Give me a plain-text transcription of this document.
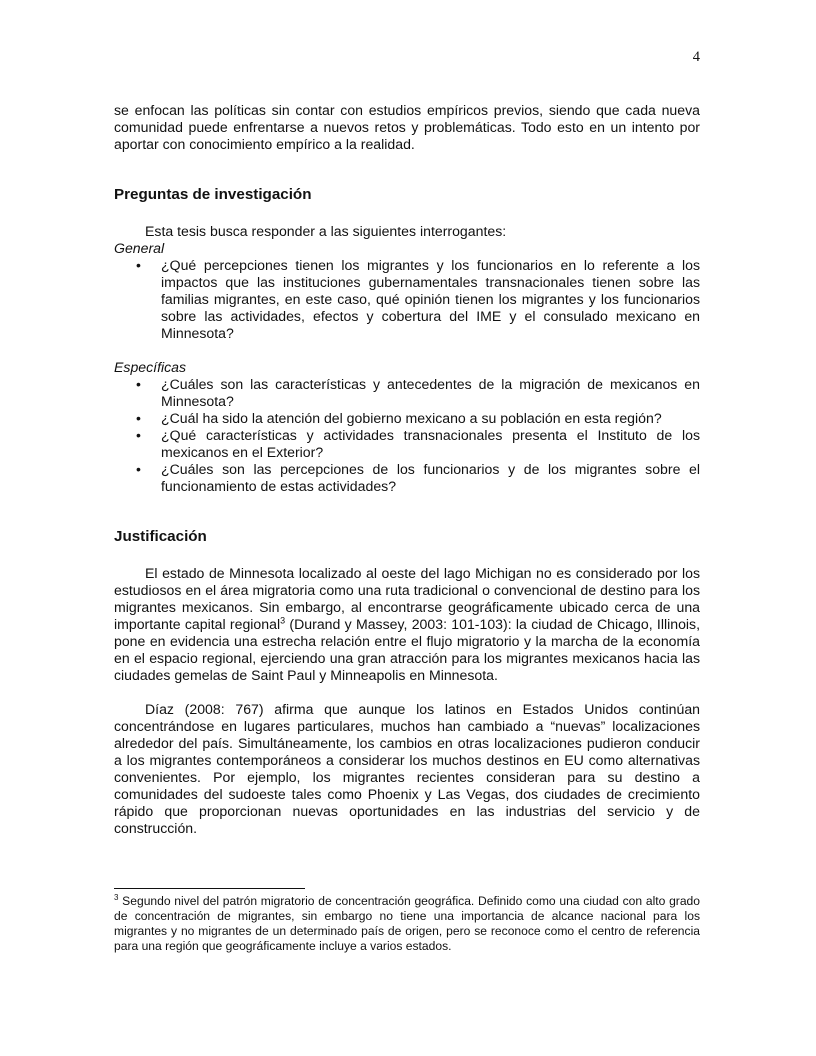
4

se enfocan las políticas sin contar con estudios empíricos previos, siendo que cada nueva comunidad puede enfrentarse a nuevos retos y problemáticas. Todo esto en un intento por aportar con conocimiento empírico a la realidad.

Preguntas de investigación

Esta tesis busca responder a las siguientes interrogantes:

General
• ¿Qué percepciones tienen los migrantes y los funcionarios en lo referente a los impactos que las instituciones gubernamentales transnacionales tienen sobre las familias migrantes, en este caso, qué opinión tienen los migrantes y los funcionarios sobre las actividades, efectos y cobertura del IME y el consulado mexicano en Minnesota?
Específicas
• ¿Cuáles son las características y antecedentes de la migración de mexicanos en Minnesota?
• ¿Cuál ha sido la atención del gobierno mexicano a su población en esta región?
• ¿Qué características y actividades transnacionales presenta el Instituto de los mexicanos en el Exterior?
• ¿Cuáles son las percepciones de los funcionarios y de los migrantes sobre el funcionamiento de estas actividades?
Justificación

El estado de Minnesota localizado al oeste del lago Michigan no es considerado por los estudiosos en el área migratoria como una ruta tradicional o convencional de destino para los migrantes mexicanos. Sin embargo, al encontrarse geográficamente ubicado cerca de una importante capital regional$^3$ (Durand y Massey, 2003: 101-103): la ciudad de Chicago, Illinois, pone en evidencia una estrecha relación entre el flujo migratorio y la marcha de la economía en el espacio regional, ejerciendo una gran atracción para los migrantes mexicanos hacia las ciudades gemelas de Saint Paul y Minneapolis en Minnesota.

Díaz (2008: 767) afirma que aunque los latinos en Estados Unidos continúan concentrándose en lugares particulares, muchos han cambiado a “nuevas” localizaciones alrededor del país. Simultáneamente, los cambios en otras localizaciones pudieron conducir a los migrantes contemporáneos a considerar los muchos destinos en EU como alternativas convenientes. Por ejemplo, los migrantes recientes consideran para su destino a comunidades del sudoeste tales como Phoenix y Las Vegas, dos ciudades de crecimiento rápido que proporcionan nuevas oportunidades en las industrias del servicio y de construcción.

$^3$ Segundo nivel del patrón migratorio de concentración geográfica. Definido como una ciudad con alto grado de concentración de migrantes, sin embargo no tiene una importancia de alcance nacional para los migrantes y no migrantes de un determinado país de origen, pero se reconoce como el centro de referencia para una región que geográficamente incluye a varios estados.
